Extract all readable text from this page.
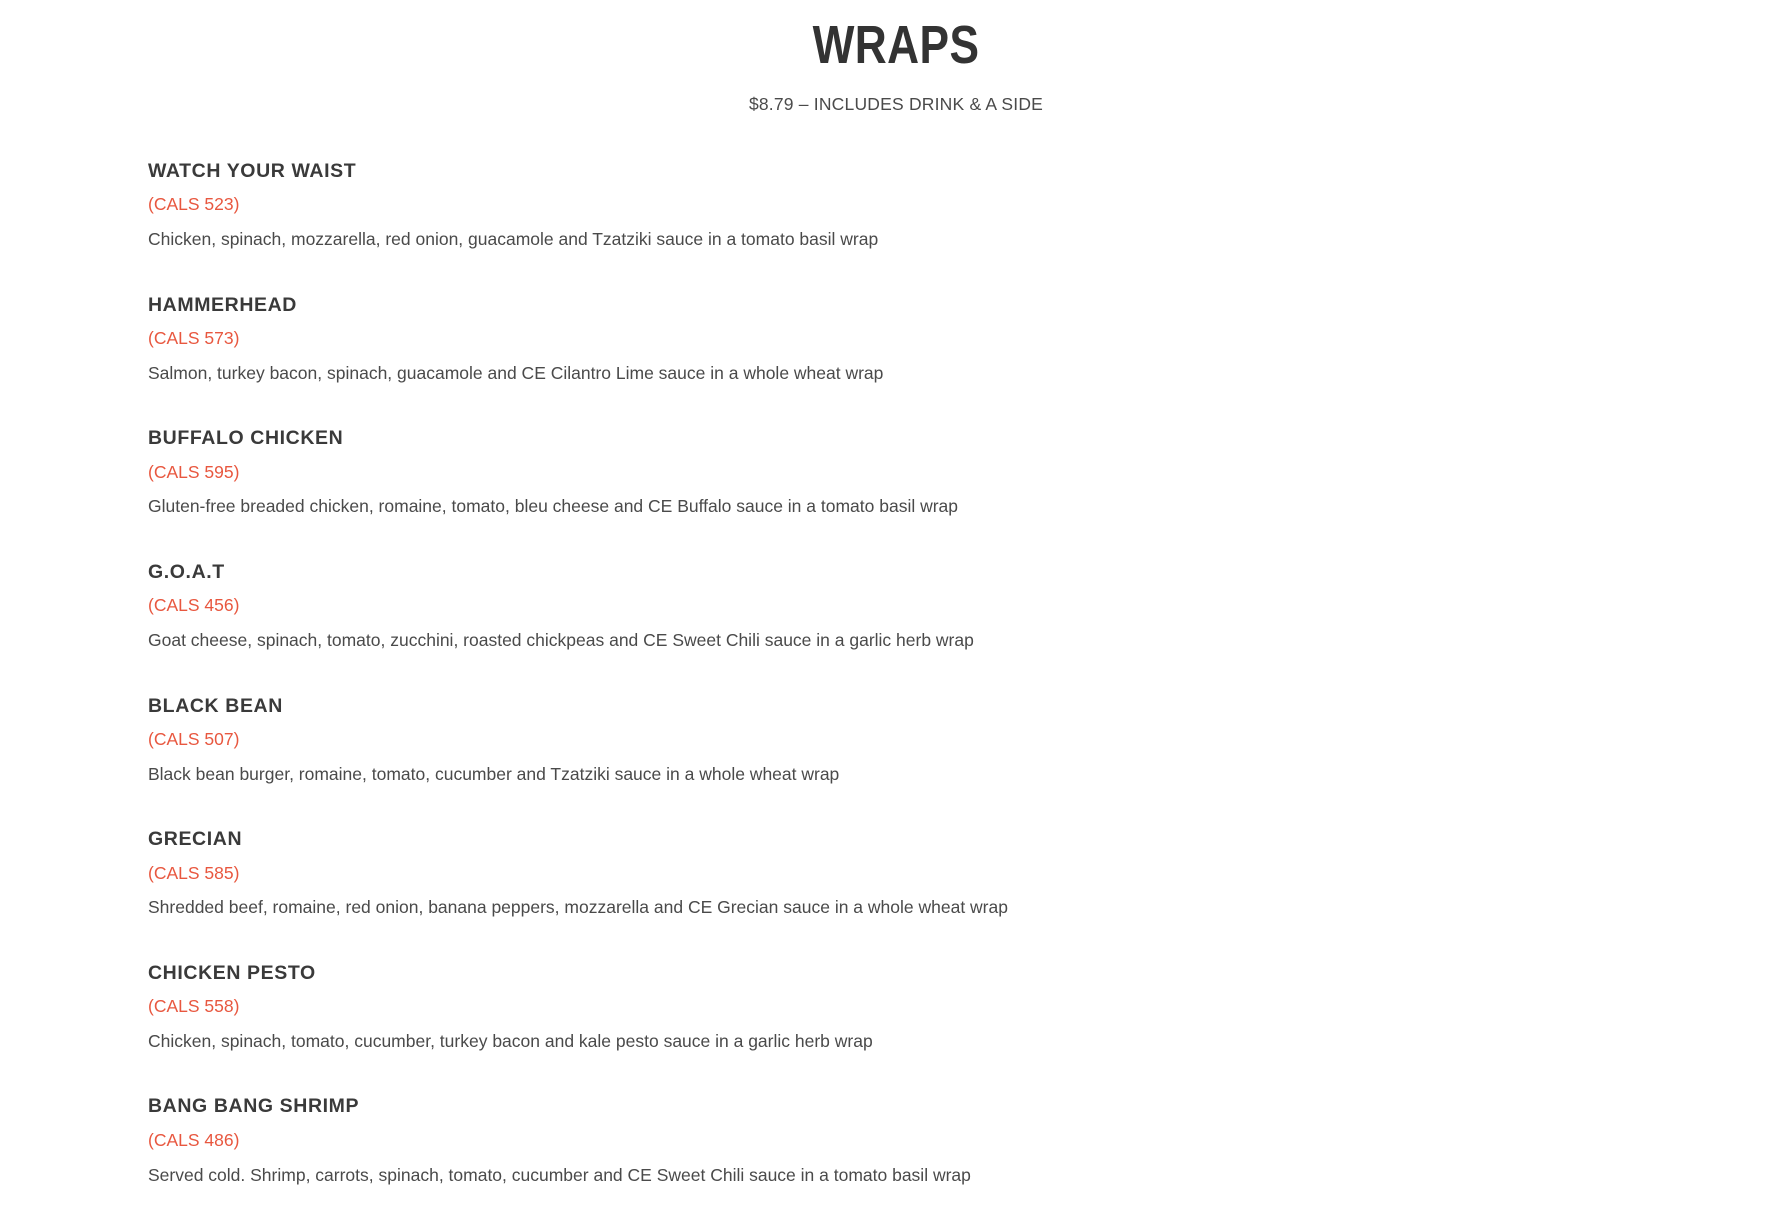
WRAPS
$8.79 – INCLUDES DRINK & A SIDE
WATCH YOUR WAIST
(CALS 523)
Chicken, spinach, mozzarella, red onion, guacamole and Tzatziki sauce in a tomato basil wrap
HAMMERHEAD
(CALS 573)
Salmon, turkey bacon, spinach, guacamole and CE Cilantro Lime sauce in a whole wheat wrap
BUFFALO CHICKEN
(CALS 595)
Gluten-free breaded chicken, romaine, tomato, bleu cheese and CE Buffalo sauce in a tomato basil wrap
G.O.A.T
(CALS 456)
Goat cheese, spinach, tomato, zucchini, roasted chickpeas and CE Sweet Chili sauce in a garlic herb wrap
BLACK BEAN
(CALS 507)
Black bean burger, romaine, tomato, cucumber and Tzatziki sauce in a whole wheat wrap
GRECIAN
(CALS 585)
Shredded beef, romaine, red onion, banana peppers, mozzarella and CE Grecian sauce in a whole wheat wrap
CHICKEN PESTO
(CALS 558)
Chicken, spinach, tomato, cucumber, turkey bacon and kale pesto sauce in a garlic herb wrap
BANG BANG SHRIMP
(CALS 486)
Served cold. Shrimp, carrots, spinach, tomato, cucumber and CE Sweet Chili sauce in a tomato basil wrap
